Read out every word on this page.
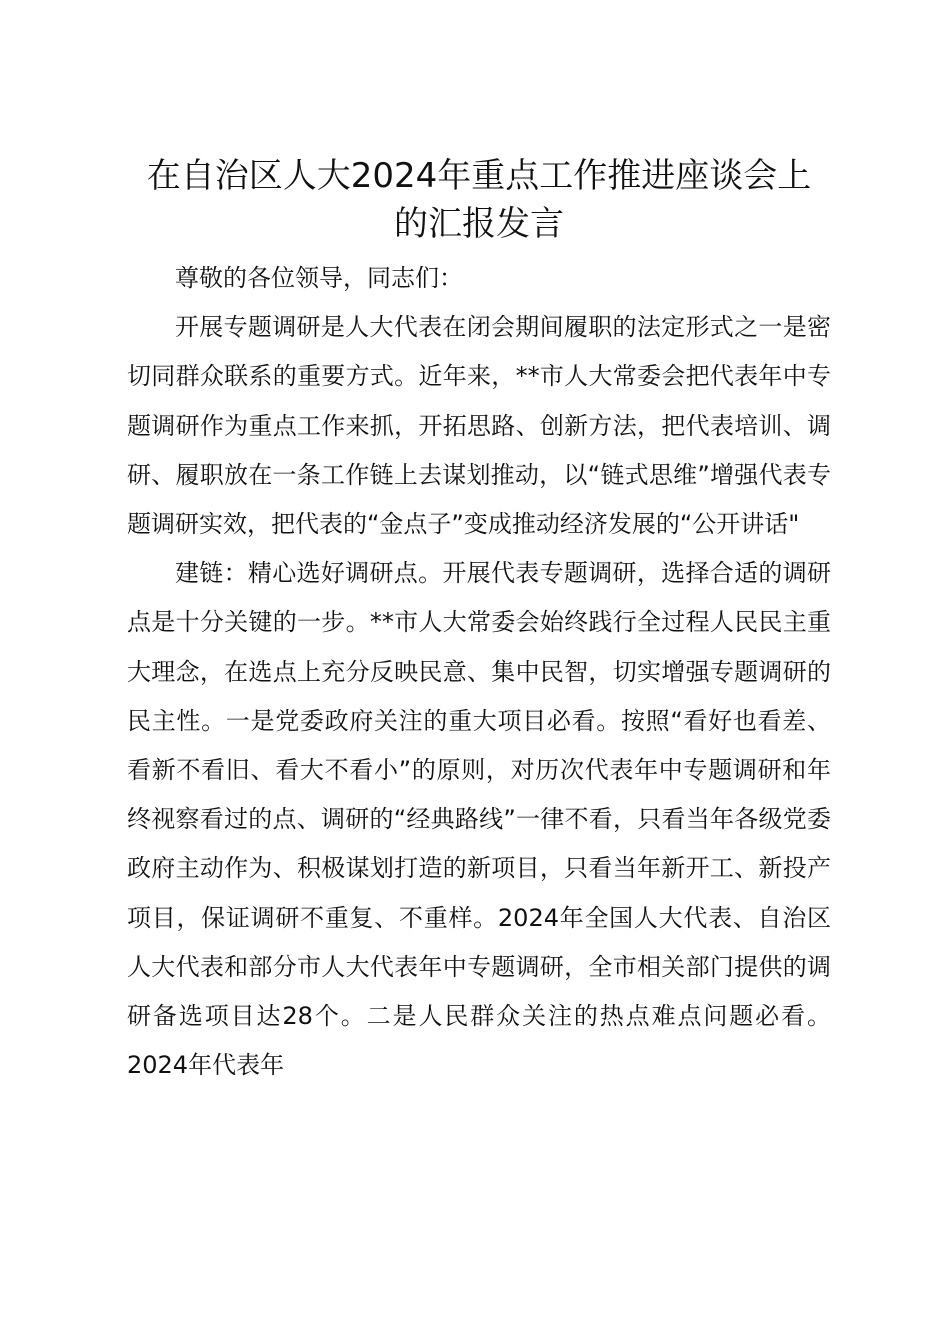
在自治区人大2024年重点工作推进座谈会上
的汇报发言

尊敬的各位领导，同志们：

开展专题调研是人大代表在闭会期间履职的法定形式之一是密切同群众联系的重要方式。近年来，**市人大常委会把代表年中专题调研作为重点工作来抓，开拓思路、创新方法，把代表培训、调研、履职放在一条工作链上去谋划推动，以“链式思维”增强代表专题调研实效，把代表的“金点子”变成推动经济发展的“公开讲话"

建链：精心选好调研点。开展代表专题调研，选择合适的调研点是十分关键的一步。**市人大常委会始终践行全过程人民民主重大理念，在选点上充分反映民意、集中民智，切实增强专题调研的民主性。一是党委政府关注的重大项目必看。按照“看好也看差、看新不看旧、看大不看小”的原则，对历次代表年中专题调研和年终视察看过的点、调研的“经典路线”一律不看，只看当年各级党委政府主动作为、积极谋划打造的新项目，只看当年新开工、新投产项目，保证调研不重复、不重样。2024年全国人大代表、自治区人大代表和部分市人大代表年中专题调研，全市相关部门提供的调研备选项目达28个。二是人民群众关注的热点难点问题必看。2024年代表年
